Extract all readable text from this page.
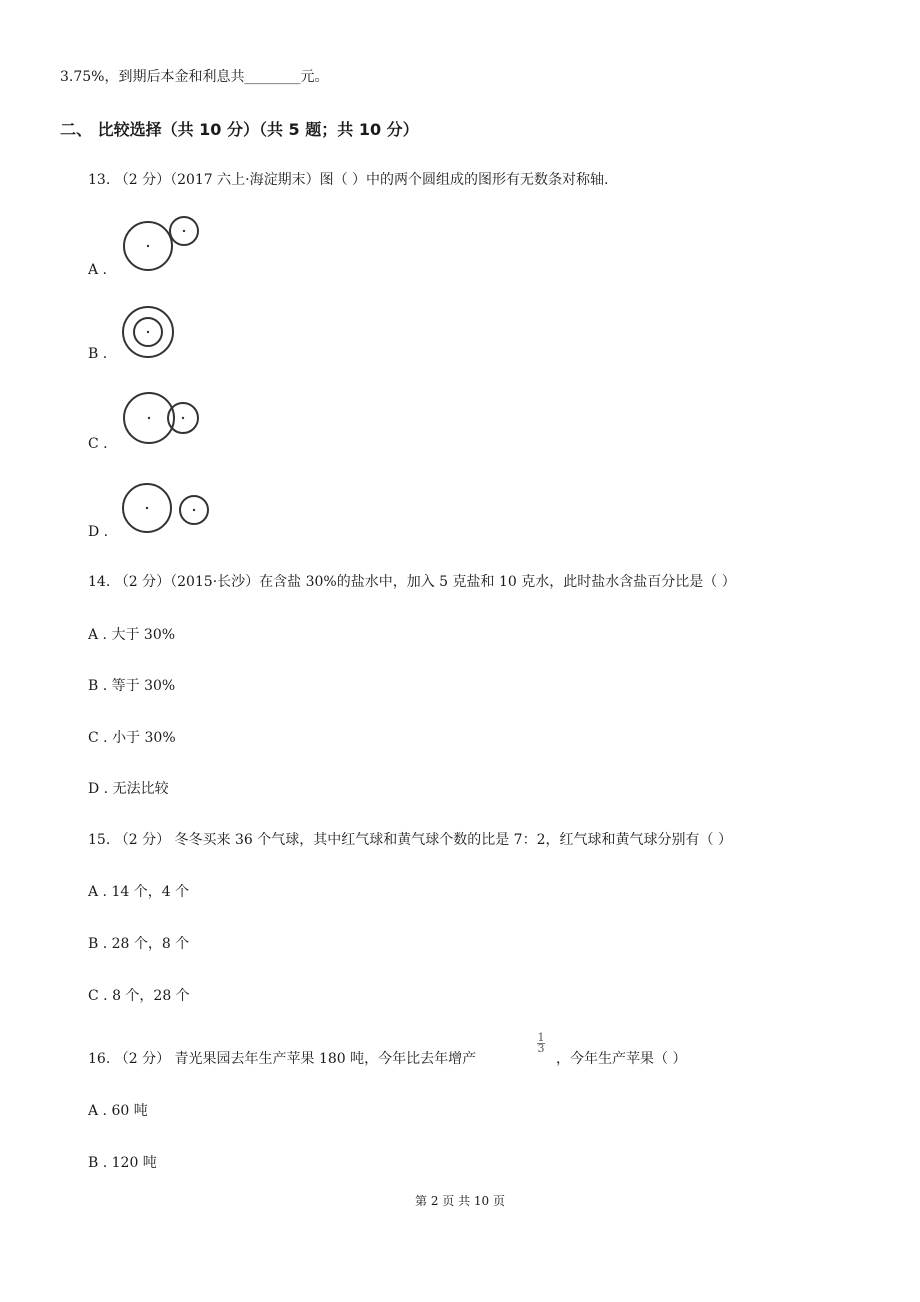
3.75%，到期后本金和利息共________元。
二、 比较选择（共 10 分）（共 5 题；共 10 分）
13. （2 分）（2017 六上·海淀期末）图（ ）中的两个圆组成的图形有无数条对称轴.
A .
B .
C .
D .
14. （2 分）（2015·长沙）在含盐 30%的盐水中，加入 5 克盐和 10 克水，此时盐水含盐百分比是（ ）
A . 大于 30%
B . 等于 30%
C . 小于 30%
D . 无法比较
15. （2 分） 冬冬买来 36 个气球，其中红气球和黄气球个数的比是 7：2，红气球和黄气球分别有（ ）
A . 14 个，4 个
B . 28 个，8 个
C . 8 个，28 个
16. （2 分） 青光果园去年生产苹果 180 吨，今年比去年增产
1
3
，今年生产苹果（ ）
A . 60 吨
B . 120 吨
第 2 页 共 10 页
